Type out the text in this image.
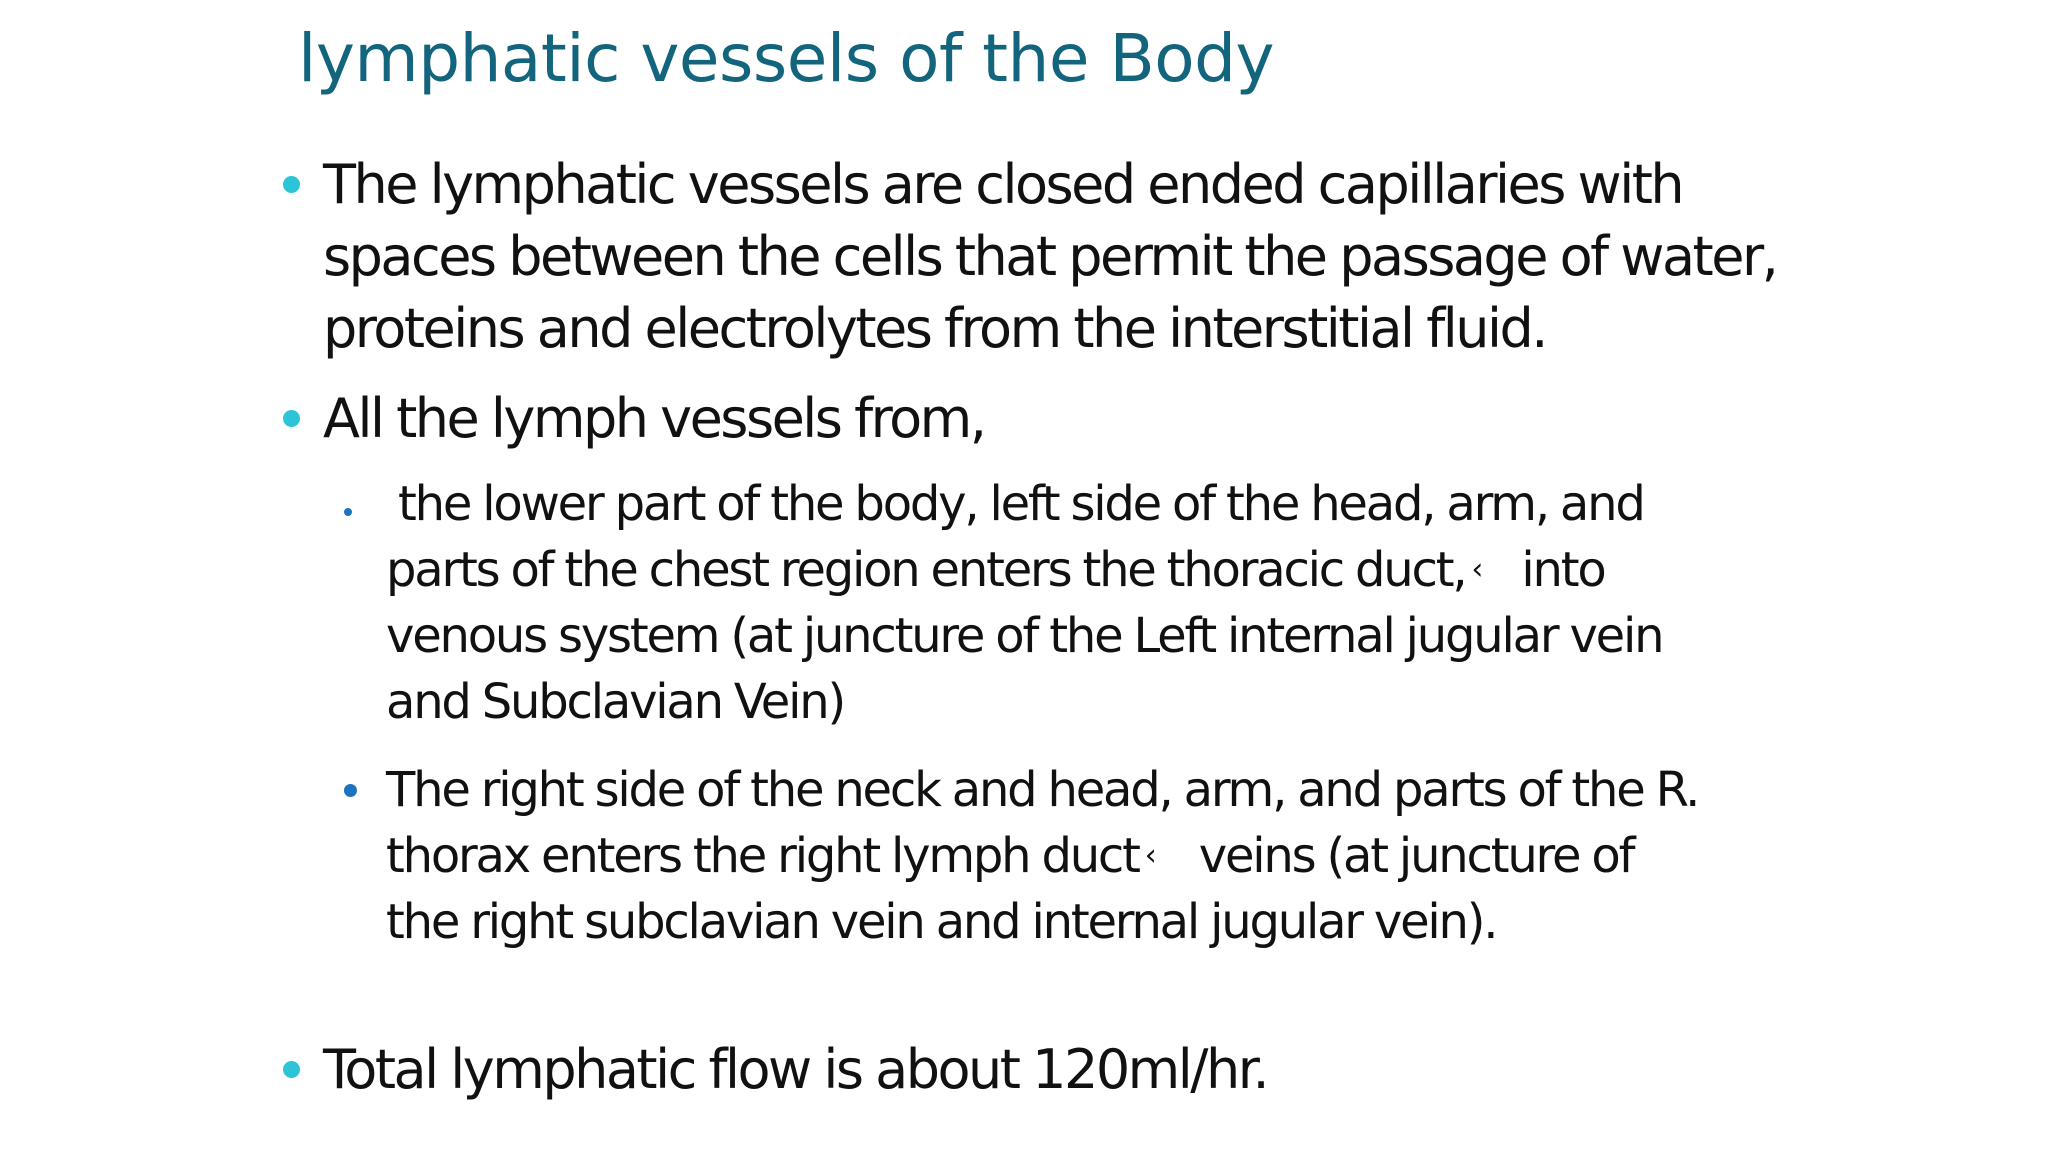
lymphatic vessels of the Body
The lymphatic vessels are closed ended capillaries with
spaces between the cells that permit the passage of water,
proteins and electrolytes from the interstitial fluid.
All the lymph vessels from,
the lower part of the body, left side of the head, arm, and
parts of the chest region enters the thoracic duct, ‹ into
venous system (at juncture of the Left internal jugular vein
and Subclavian Vein)
The right side of the neck and head, arm, and parts of the R.
thorax enters the right lymph duct ‹ veins (at juncture of
the right subclavian vein and internal jugular vein).
Total lymphatic flow is about 120ml/hr.
